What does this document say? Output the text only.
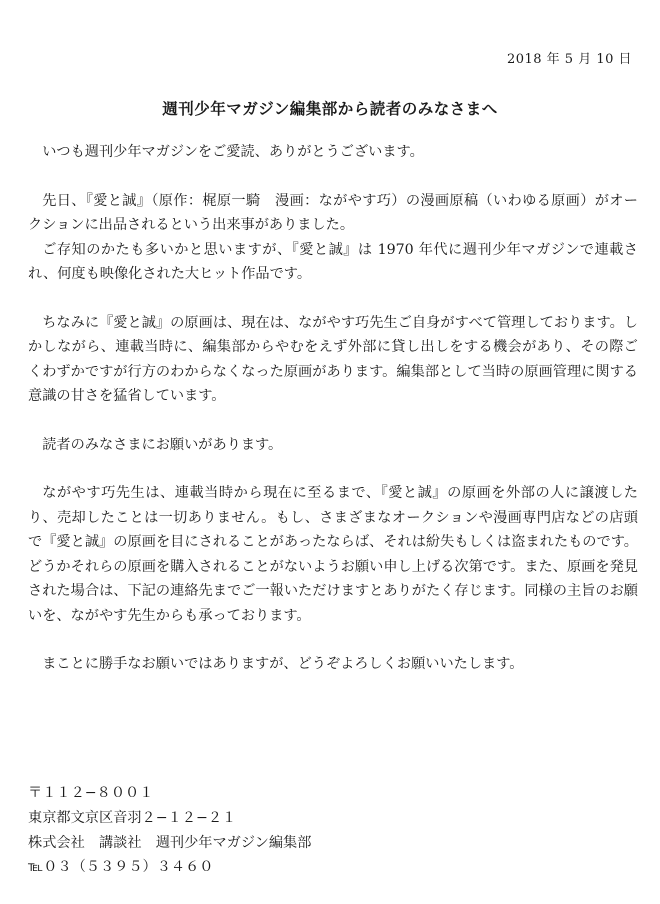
2018 年 5 月 10 日
週刊少年マガジン編集部から読者のみなさまへ

いつも週刊少年マガジンをご愛読、ありがとうございます。

先日、『愛と誠』（原作：梶原一騎　漫画：ながやす巧）の漫画原稿（いわゆる原画）がオークションに出品されるという出来事がありました。

ご存知のかたも多いかと思いますが、『愛と誠』は 1970 年代に週刊少年マガジンで連載され、何度も映像化された大ヒット作品です。

ちなみに『愛と誠』の原画は、現在は、ながやす巧先生ご自身がすべて管理しております。しかしながら、連載当時に、編集部からやむをえず外部に貸し出しをする機会があり、その際ごくわずかですが行方のわからなくなった原画があります。編集部として当時の原画管理に関する意識の甘さを猛省しています。

読者のみなさまにお願いがあります。

ながやす巧先生は、連載当時から現在に至るまで、『愛と誠』の原画を外部の人に譲渡したり、売却したことは一切ありません。もし、さまざまなオークションや漫画専門店などの店頭で『愛と誠』の原画を目にされることがあったならば、それは紛失もしくは盗まれたものです。どうかそれらの原画を購入されることがないようお願い申し上げる次第です。また、原画を発見された場合は、下記の連絡先までご一報いただけますとありがたく存じます。同様の主旨のお願いを、ながやす先生からも承っております。

まことに勝手なお願いではありますが、どうぞよろしくお願いいたします。

〒１１２−８００１
東京都文京区音羽２−１２−２１
株式会社　講談社　週刊少年マガジン編集部
℡０３（５３９５）３４６０
